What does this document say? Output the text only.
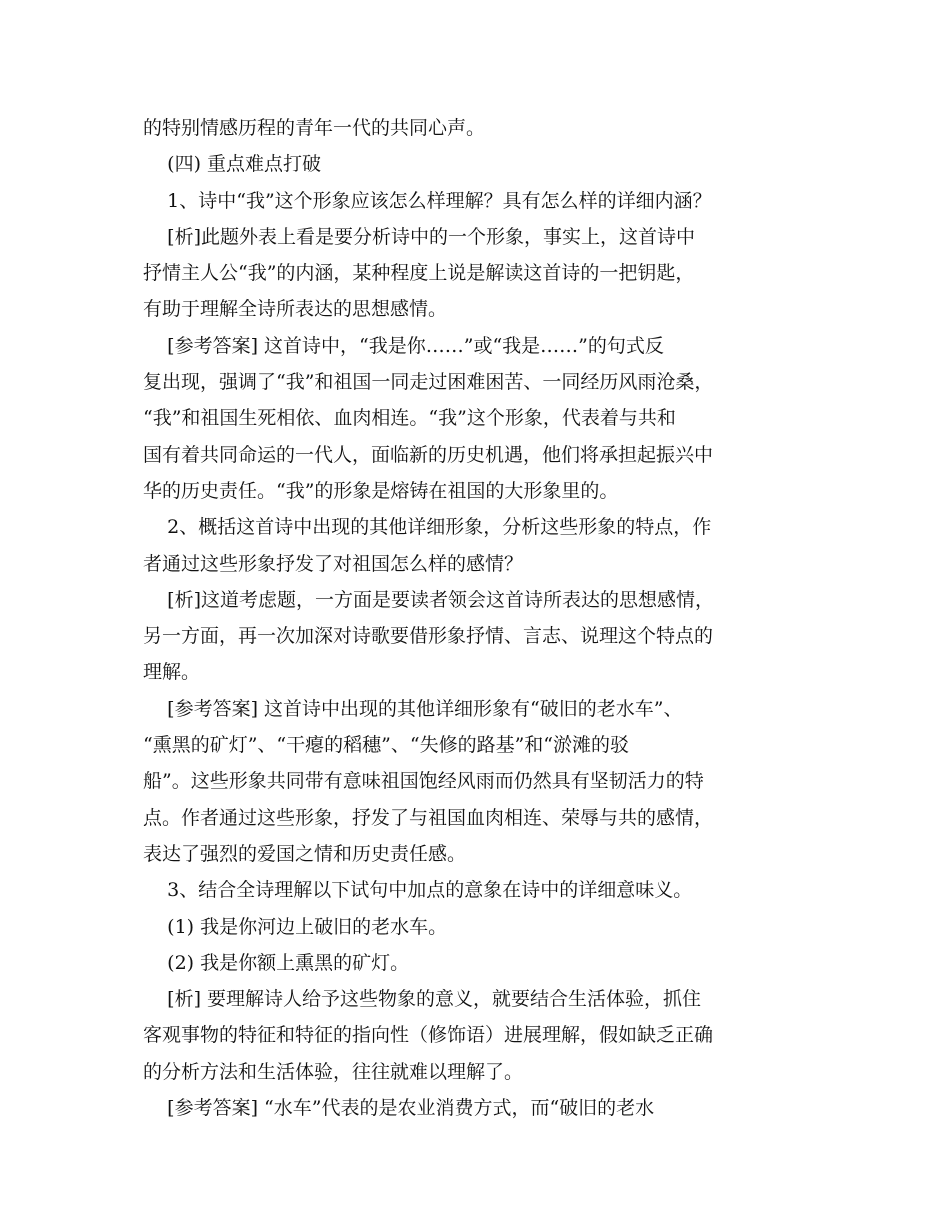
的特别情感历程的青年一代的共同心声。
(四) 重点难点打破
1、诗中“我”这个形象应该怎么样理解？具有怎么样的详细内涵？
[析]此题外表上看是要分析诗中的一个形象，事实上，这首诗中
抒情主人公“我”的内涵，某种程度上说是解读这首诗的一把钥匙，
有助于理解全诗所表达的思想感情。
[参考答案] 这首诗中，“我是你……”或“我是……”的句式反
复出现，强调了“我”和祖国一同走过困难困苦、一同经历风雨沧桑，
“我”和祖国生死相依、血肉相连。“我”这个形象，代表着与共和
国有着共同命运的一代人，面临新的历史机遇，他们将承担起振兴中
华的历史责任。“我”的形象是熔铸在祖国的大形象里的。
2、概括这首诗中出现的其他详细形象，分析这些形象的特点，作
者通过这些形象抒发了对祖国怎么样的感情？
[析]这道考虑题，一方面是要读者领会这首诗所表达的思想感情，
另一方面，再一次加深对诗歌要借形象抒情、言志、说理这个特点的
理解。
[参考答案] 这首诗中出现的其他详细形象有“破旧的老水车”、
“熏黑的矿灯”、“干瘪的稻穗”、“失修的路基”和“淤滩的驳
船”。这些形象共同带有意味祖国饱经风雨而仍然具有坚韧活力的特
点。作者通过这些形象，抒发了与祖国血肉相连、荣辱与共的感情，
表达了强烈的爱国之情和历史责任感。
3、结合全诗理解以下试句中加点的意象在诗中的详细意味义。
(1) 我是你河边上破旧的老水车。
(2) 我是你额上熏黑的矿灯。
[析] 要理解诗人给予这些物象的意义，就要结合生活体验，抓住
客观事物的特征和特征的指向性（修饰语）进展理解，假如缺乏正确
的分析方法和生活体验，往往就难以理解了。
[参考答案] “水车”代表的是农业消费方式，而“破旧的老水
